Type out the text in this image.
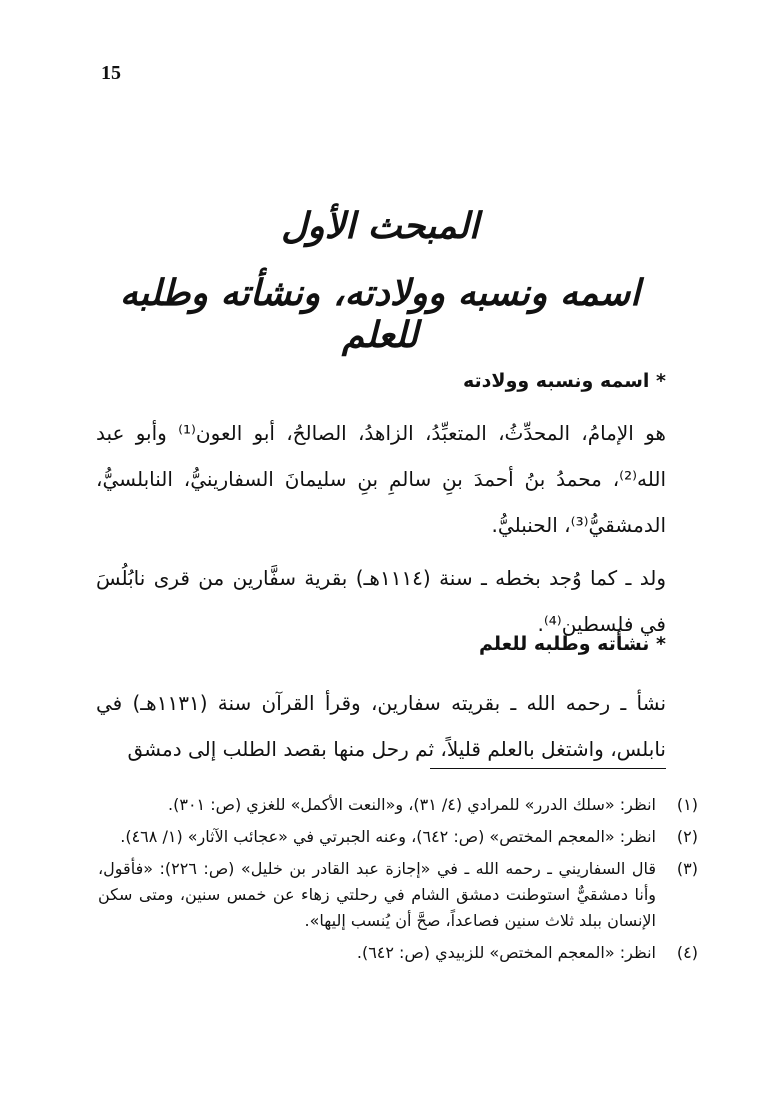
15
المبحث الأول
اسمه ونسبه وولادته، ونشأته وطلبه للعلم
* اسمه ونسبه وولادته
هو الإمامُ، المحدِّثُ، المتعبِّدُ، الزاهدُ، الصالحُ، أبو العون⁽¹⁾ وأبو عبد الله⁽²⁾، محمدُ بنُ أحمدَ بنِ سالمِ بنِ سليمانَ السفارينيُّ، النابلسيُّ، الدمشقيُّ⁽³⁾، الحنبليُّ.
ولد ـ كما وُجد بخطه ـ سنة (١١١٤هـ) بقرية سفَّارين من قرى نابُلُسَ في فلسطين⁽⁴⁾.
* نشأته وطلبه للعلم
نشأ ـ رحمه الله ـ بقريته سفارين، وقرأ القرآن سنة (١١٣١هـ) في نابلس، واشتغل بالعلم قليلاً، ثم رحل منها بقصد الطلب إلى دمشق
(١)
انظر: «سلك الدرر» للمرادي (٤/ ٣١)، و«النعت الأكمل» للغزي (ص: ٣٠١).
(٢)
انظر: «المعجم المختص» (ص: ٦٤٢)، وعنه الجبرتي في «عجائب الآثار» (١/ ٤٦٨).
(٣)
قال السفاريني ـ رحمه الله ـ في «إجازة عبد القادر بن خليل» (ص: ٢٢٦): «فأقول، وأنا دمشقيٌّ استوطنت دمشق الشام في رحلتي زهاء عن خمس سنين، ومتى سكن الإنسان ببلد ثلاث سنين فصاعداً، صحَّ أن يُنسب إليها».
(٤)
انظر: «المعجم المختص» للزبيدي (ص: ٦٤٢).
